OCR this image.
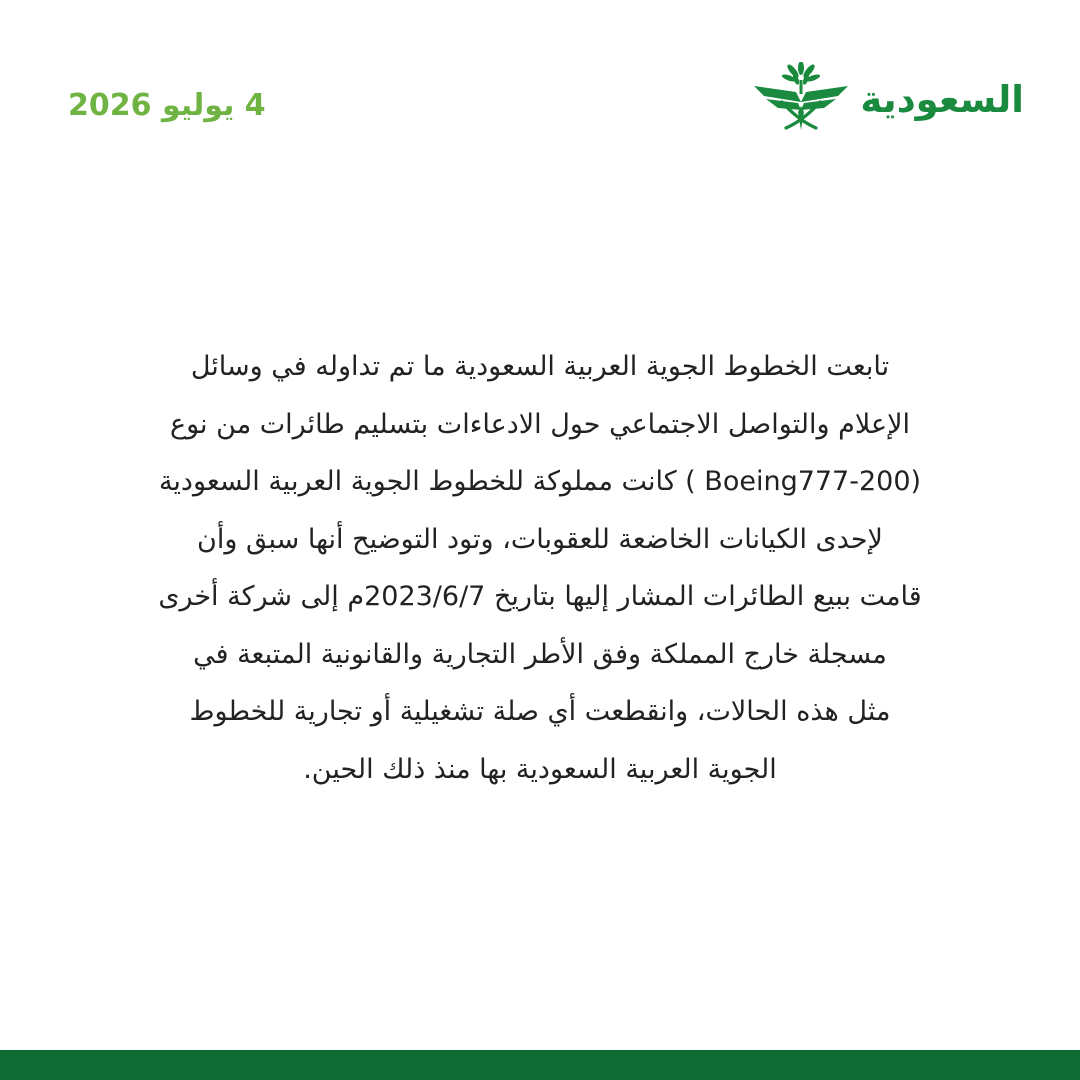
4 يوليو 2026	السعودية
تابعت الخطوط الجوية العربية السعودية ما تم تداوله في وسائل
الإعلام والتواصل الاجتماعي حول الادعاءات بتسليم طائرات من نوع
(Boeing777-200 ) كانت مملوكة للخطوط الجوية العربية السعودية
لإحدى الكيانات الخاضعة للعقوبات، وتود التوضيح أنها سبق وأن
قامت ببيع الطائرات المشار إليها بتاريخ 2023/6/7م إلى شركة أخرى
مسجلة خارج المملكة وفق الأطر التجارية والقانونية المتبعة في
مثل هذه الحالات، وانقطعت أي صلة تشغيلية أو تجارية للخطوط
الجوية العربية السعودية بها منذ ذلك الحين.
